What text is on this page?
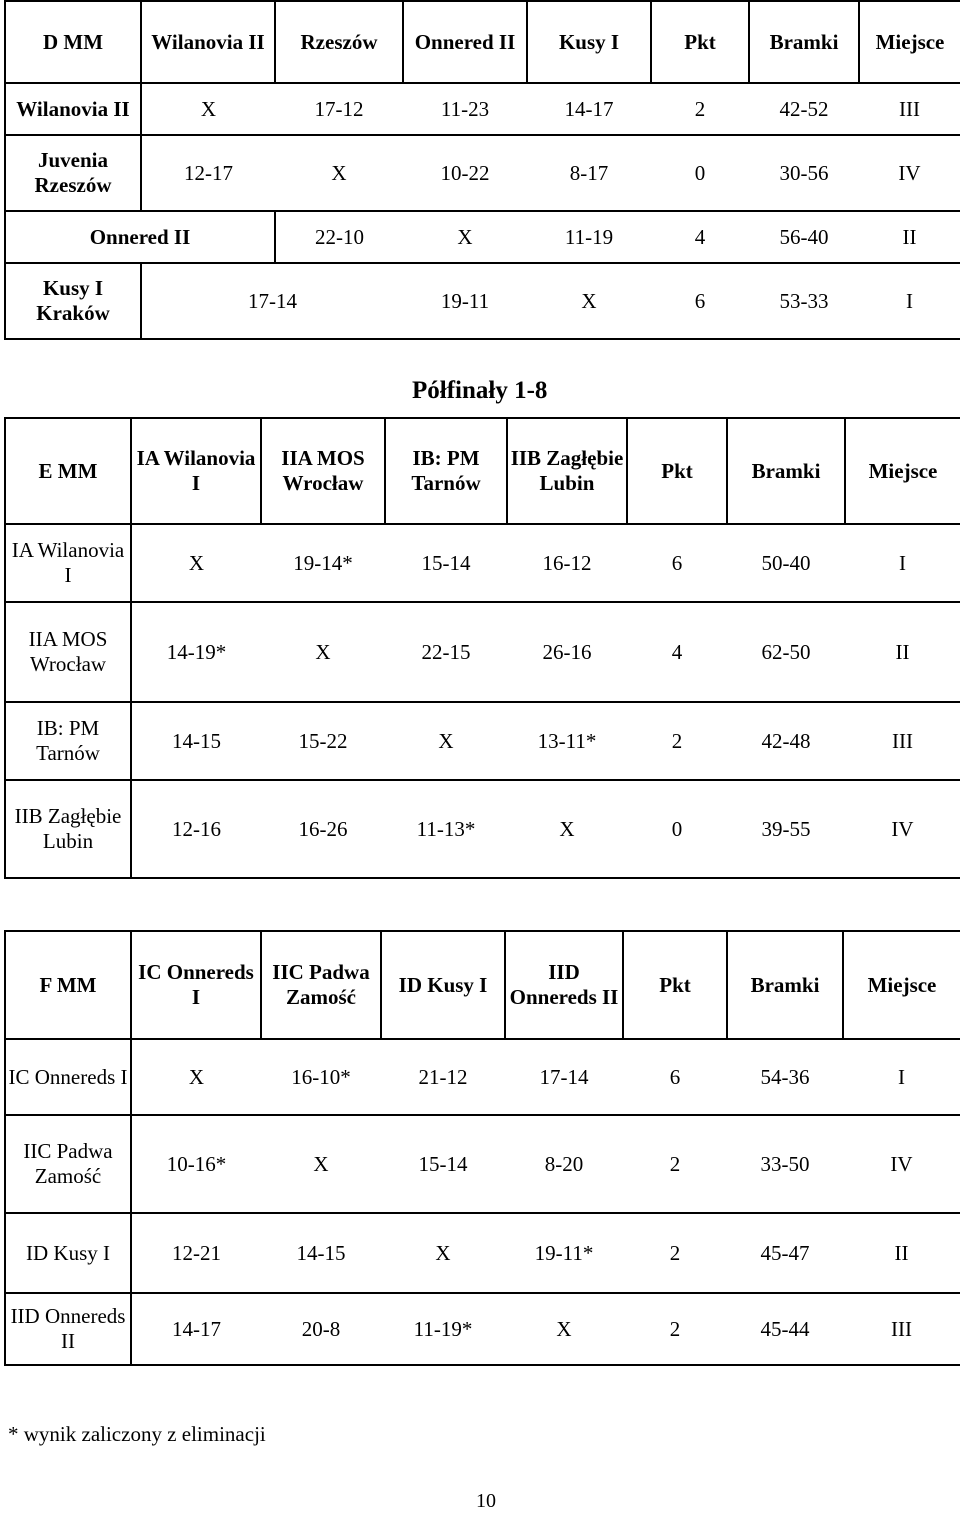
D MM	Wilanovia II	Rzeszów	Onnered II	Kusy I	Pkt	Bramki	Miejsce
Wilanovia II	X	17-12	11-23	14-17	2	42-52	III
Juvenia Rzeszów	12-17	X	10-22	8-17	0	30-56	IV
Onnered II		22-10	X	11-19	4	56-40	II
Kusy I Kraków	17-14		19-11	X	6	53-33	I
Półfinały 1-8
E MM	IA Wilanovia I	IIA MOS Wrocław	IB: PM Tarnów	IIB Zagłębie Lubin	Pkt	Bramki	Miejsce
IA Wilanovia I	X	19-14*	15-14	16-12	6	50-40	I
IIA MOS Wrocław	14-19*	X	22-15	26-16	4	62-50	II
IB: PM Tarnów	14-15	15-22	X	13-11*	2	42-48	III
IIB Zagłębie Lubin	12-16	16-26	11-13*	X	0	39-55	IV
F MM	IC Onnereds I	IIC Padwa Zamość	ID Kusy I	IID Onnereds II	Pkt	Bramki	Miejsce
IC Onnereds I	X	16-10*	21-12	17-14	6	54-36	I
IIC Padwa Zamość	10-16*	X	15-14	8-20	2	33-50	IV
ID Kusy I	12-21	14-15	X	19-11*	2	45-47	II
IID Onnereds II	14-17	20-8	11-19*	X	2	45-44	III
* wynik zaliczony z eliminacji
10
